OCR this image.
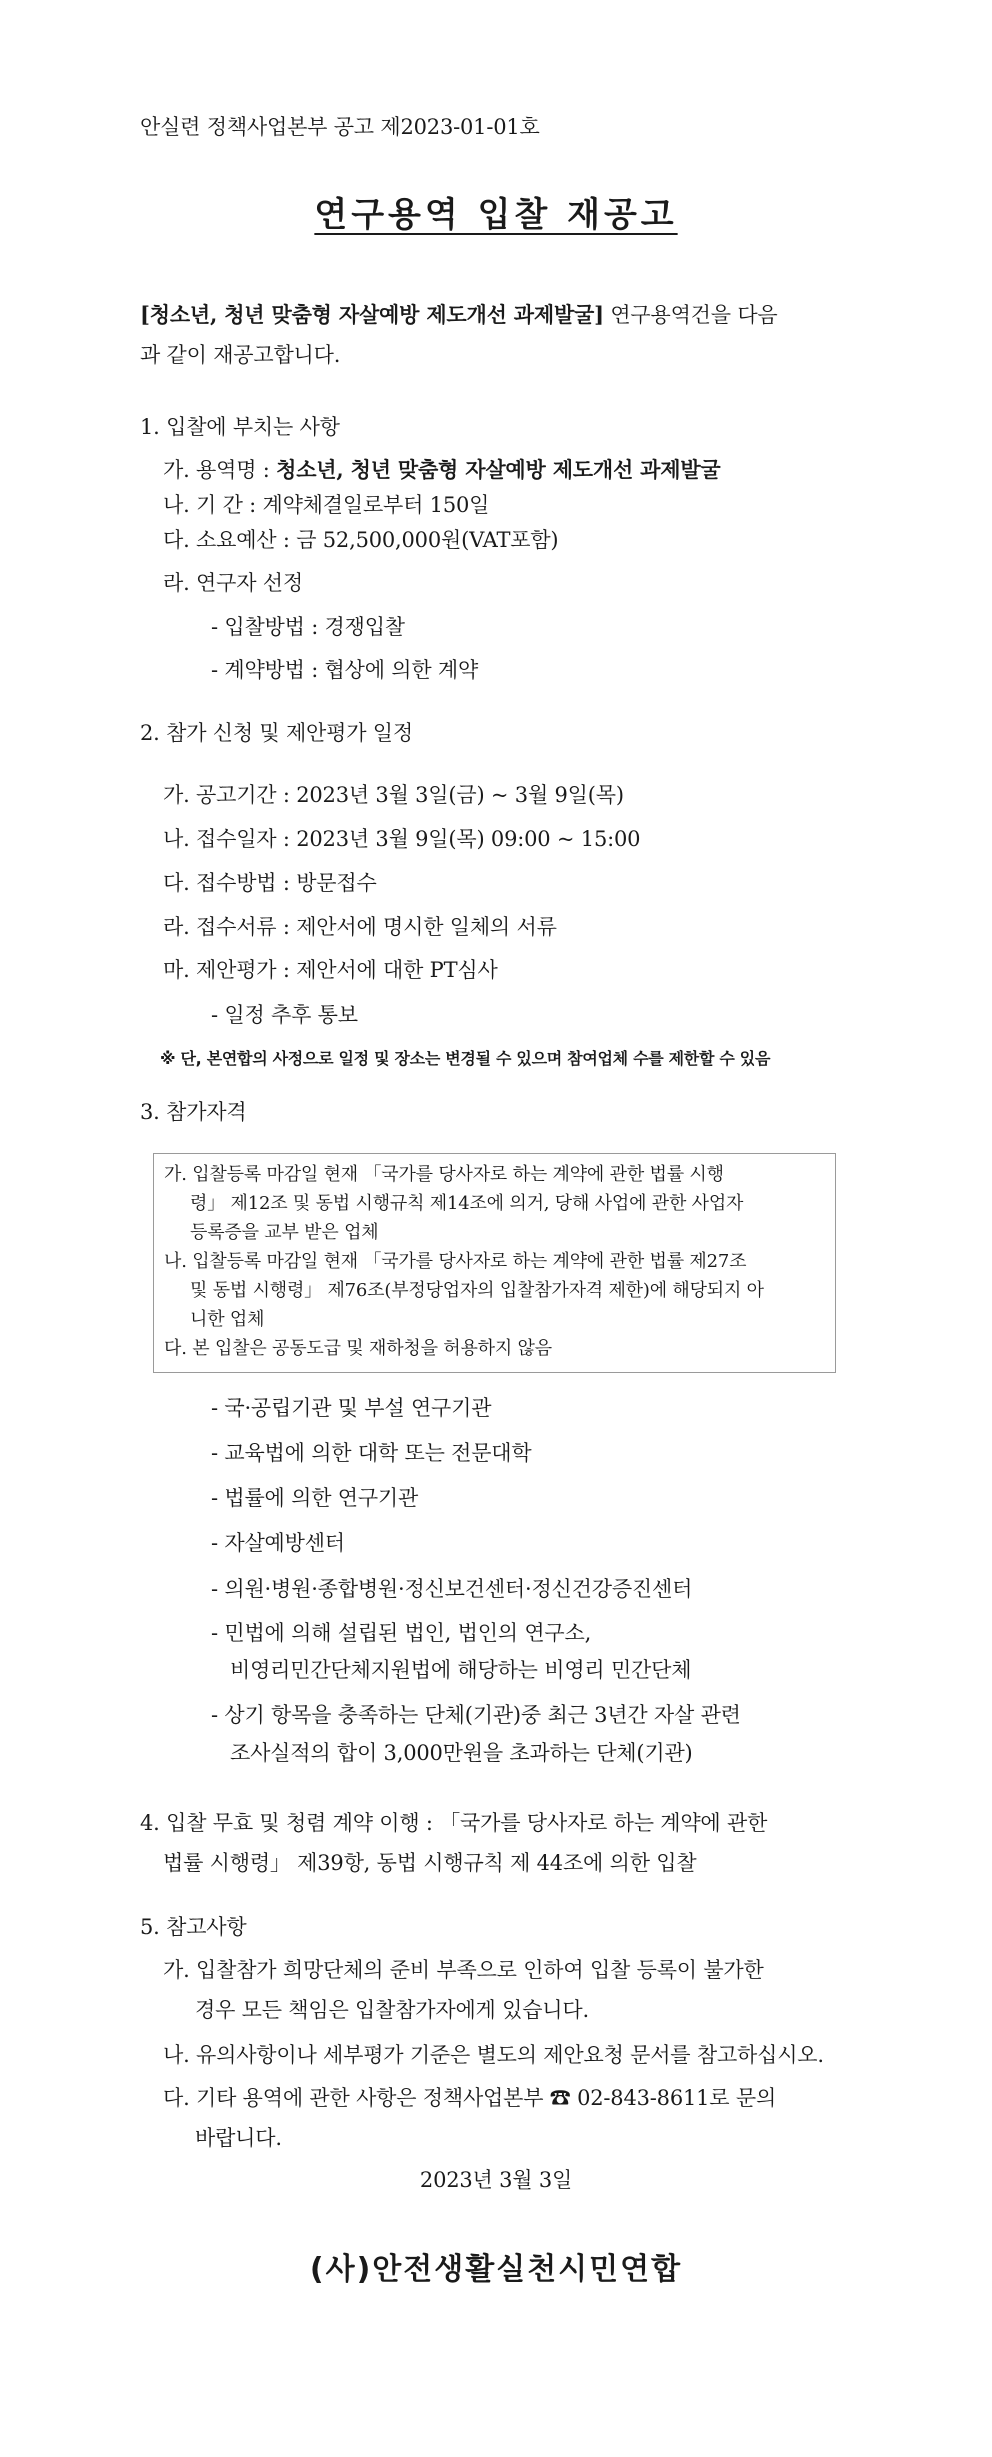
안실련 정책사업본부 공고 제2023-01-01호
연구용역 입찰 재공고
[청소년, 청년 맞춤형 자살예방 제도개선 과제발굴] 연구용역건을 다음
과 같이 재공고합니다.
1. 입찰에 부치는 사항
가. 용역명 : 청소년, 청년 맞춤형 자살예방 제도개선 과제발굴
나. 기 간 : 계약체결일로부터 150일
다. 소요예산 : 금 52,500,000원(VAT포함)
라. 연구자 선정
- 입찰방법 : 경쟁입찰
- 계약방법 : 협상에 의한 계약
2. 참가 신청 및 제안평가 일정
가. 공고기간 : 2023년 3월 3일(금) ~ 3월 9일(목)
나. 접수일자 : 2023년 3월 9일(목) 09:00 ~ 15:00
다. 접수방법 : 방문접수
라. 접수서류 : 제안서에 명시한 일체의 서류
마. 제안평가 : 제안서에 대한 PT심사
- 일정 추후 통보
※ 단, 본연합의 사정으로 일정 및 장소는 변경될 수 있으며 참여업체 수를 제한할 수 있음
3. 참가자격
가. 입찰등록 마감일 현재 「국가를 당사자로 하는 계약에 관한 법률 시행
령」 제12조 및 동법 시행규칙 제14조에 의거, 당해 사업에 관한 사업자
등록증을 교부 받은 업체
나. 입찰등록 마감일 현재 「국가를 당사자로 하는 계약에 관한 법률 제27조
및 동법 시행령」 제76조(부정당업자의 입찰참가자격 제한)에 해당되지 아
니한 업체
다. 본 입찰은 공동도급 및 재하청을 허용하지 않음
- 국·공립기관 및 부설 연구기관
- 교육법에 의한 대학 또는 전문대학
- 법률에 의한 연구기관
- 자살예방센터
- 의원·병원·종합병원·정신보건센터·정신건강증진센터
- 민법에 의해 설립된 법인, 법인의 연구소,
비영리민간단체지원법에 해당하는 비영리 민간단체
- 상기 항목을 충족하는 단체(기관)중 최근 3년간 자살 관련
조사실적의 합이 3,000만원을 초과하는 단체(기관)
4. 입찰 무효 및 청렴 계약 이행 : 「국가를 당사자로 하는 계약에 관한
법률 시행령」 제39항, 동법 시행규칙 제 44조에 의한 입찰
5. 참고사항
가. 입찰참가 희망단체의 준비 부족으로 인하여 입찰 등록이 불가한
경우 모든 책임은 입찰참가자에게 있습니다.
나. 유의사항이나 세부평가 기준은 별도의 제안요청 문서를 참고하십시오.
다. 기타 용역에 관한 사항은 정책사업본부 ☎ 02-843-8611로 문의
바랍니다.
2023년 3월 3일
(사)안전생활실천시민연합
